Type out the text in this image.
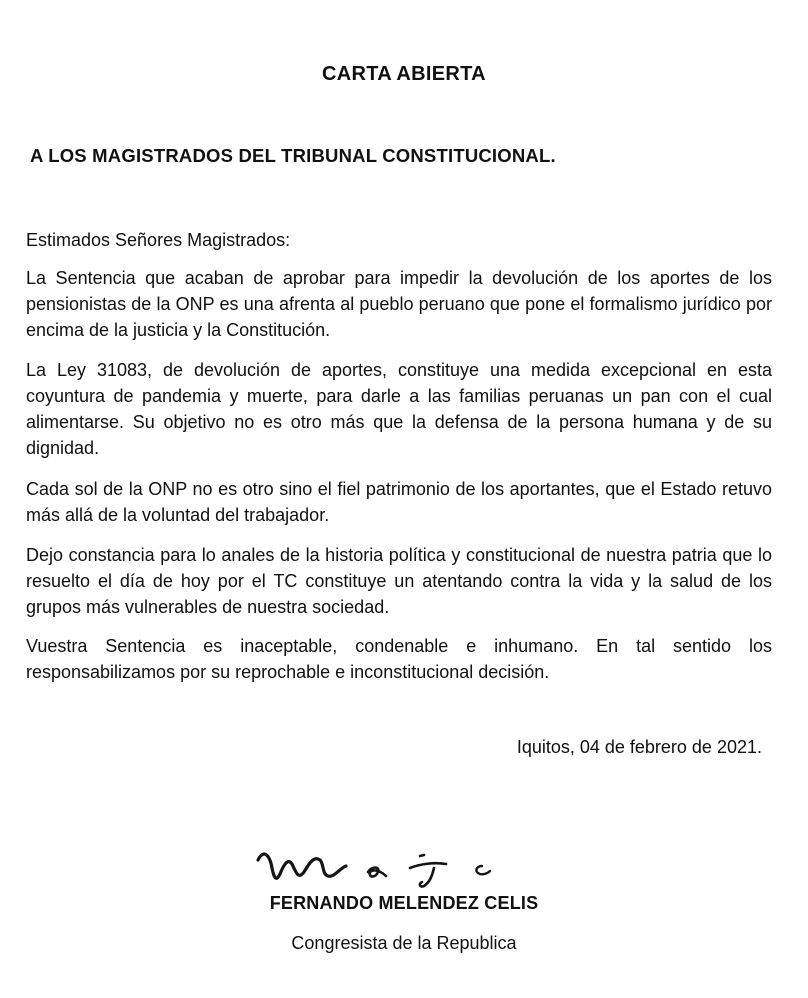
CARTA ABIERTA
A LOS MAGISTRADOS DEL TRIBUNAL CONSTITUCIONAL.
Estimados Señores Magistrados:

La Sentencia que acaban de aprobar para impedir la devolución de los aportes de los pensionistas de la ONP es una afrenta al pueblo peruano que pone el formalismo jurídico por encima de la justicia y la Constitución.

La Ley 31083, de devolución de aportes, constituye una medida excepcional en esta coyuntura de pandemia y muerte, para darle a las familias peruanas un pan con el cual alimentarse. Su objetivo no es otro más que la defensa de la persona humana y de su dignidad.

Cada sol de la ONP no es otro sino el fiel patrimonio de los aportantes, que el Estado retuvo más allá de la voluntad del trabajador.

Dejo constancia para lo anales de la historia política y constitucional de nuestra patria que lo resuelto el día de hoy por el TC constituye un atentando contra la vida y la salud de los grupos más vulnerables de nuestra sociedad.

Vuestra Sentencia es inaceptable, condenable e inhumano. En tal sentido los responsabilizamos por su reprochable e inconstitucional decisión.

Iquitos, 04 de febrero de 2021.
FERNANDO MELENDEZ CELIS
Congresista de la Republica
